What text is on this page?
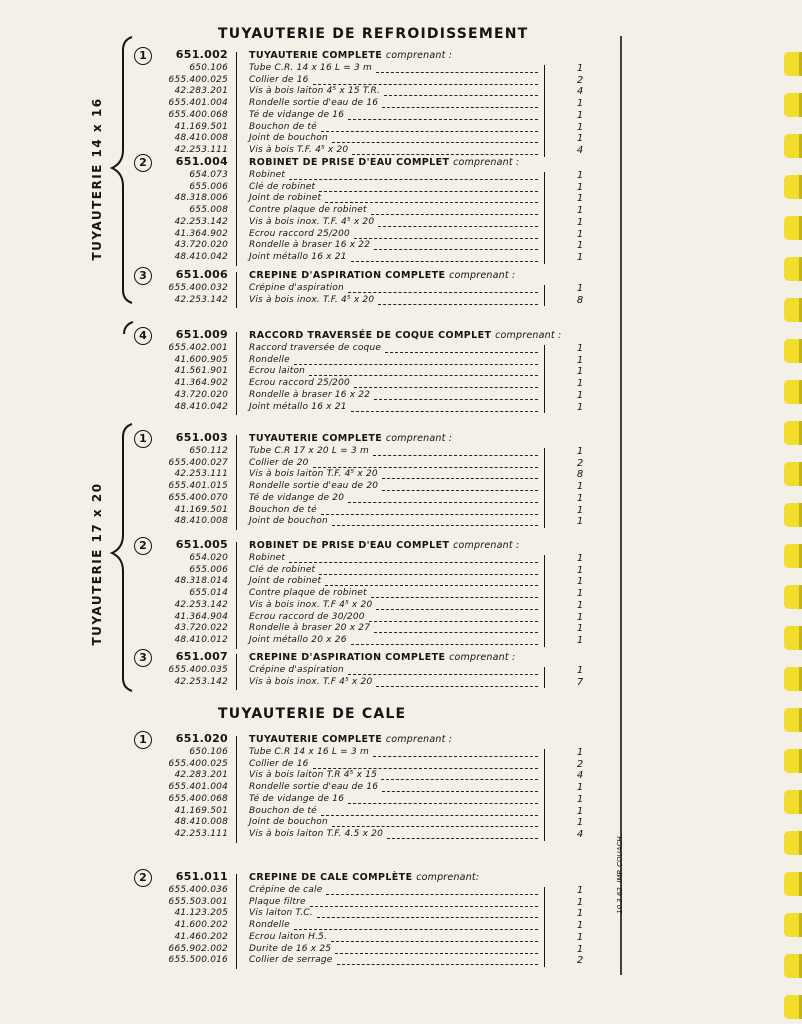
TUYAUTERIE DE REFROIDISSEMENT
TUYAUTERIE DE CALE
TUYAUTERIE 14 x 16
TUYAUTERIE 17 x 20
10.3.62. IMP. COUACH.
1	651.002 TUYAUTERIE COMPLETE comprenant :
650.106 Tube C.R. 14 x 16 L = 3 m	1
655.400.025 Collier de 16	2
42.283.201 Vis à bois laiton 4⁵ x 15 T.R.	4
655.401.004 Rondelle sortie d'eau de 16	1
655.400.068 Té de vidange de 16	1
41.169.501 Bouchon de té	1
48.410.008 Joint de bouchon	1
42.253.111 Vis à bois T.F. 4⁵ x 20	4
2	651.004 ROBINET DE PRISE D'EAU COMPLET comprenant :
654.073 Robinet	1
655.006 Clé de robinet	1
48.318.006 Joint de robinet	1
655.008 Contre plaque de robinet	1
42.253.142 Vis à bois inox. T.F. 4⁵ x 20	1
41.364.902 Ecrou raccord 25/200	1
43.720.020 Rondelle à braser 16 x 22	1
48.410.042 Joint métallo 16 x 21	1
3	651.006 CREPINE D'ASPIRATION COMPLETE comprenant :
655.400.032 Crépine d'aspiration	1
42.253.142 Vis à bois inox. T.F. 4⁵ x 20	8
4	651.009 RACCORD TRAVERSÉE DE COQUE COMPLET comprenant :
655.402.001 Raccord traversée de coque	1
41.600.905 Rondelle	1
41.561.901 Ecrou laiton	1
41.364.902 Ecrou raccord 25/200	1
43.720.020 Rondelle à braser 16 x 22	1
48.410.042 Joint métallo 16 x 21	1
1	651.003 TUYAUTERIE COMPLETE comprenant :
650.112 Tube C.R 17 x 20 L = 3 m	1
655.400.027 Collier de 20	2
42.253.111 Vis à bois laiton T.F. 4⁵ x 20	8
655.401.015 Rondelle sortie d'eau de 20	1
655.400.070 Té de vidange de 20	1
41.169.501 Bouchon de té	1
48.410.008 Joint de bouchon	1
2	651.005 ROBINET DE PRISE D'EAU COMPLET comprenant :
654.020 Robinet	1
655.006 Clé de robinet	1
48.318.014 Joint de robinet	1
655.014 Contre plaque de robinet	1
42.253.142 Vis à bois inox. T.F 4⁵ x 20	1
41.364.904 Ecrou raccord de 30/200	1
43.720.022 Rondelle à braser 20 x 27	1
48.410.012 Joint métallo 20 x 26	1
3	651.007 CREPINE D'ASPIRATION COMPLETE comprenant :
655.400.035 Crépine d'aspiration	1
42.253.142 Vis à bois inox. T.F 4⁵ x 20	7
1	651.020 TUYAUTERIE COMPLETE comprenant :
650.106 Tube C.R 14 x 16 L = 3 m	1
655.400.025 Collier de 16	2
42.283.201 Vis à bois laiton T.R 4⁵ x 15	4
655.401.004 Rondelle sortie d'eau de 16	1
655.400.068 Té de vidange de 16	1
41.169.501 Bouchon de té	1
48.410.008 Joint de bouchon	1
42.253.111 Vis à bois laiton T.F. 4.5 x 20	4
2	651.011 CREPINE DE CALE COMPLÈTE comprenant:
655.400.036 Crépine de cale	1
655.503.001 Plaque filtre	1
41.123.205 Vis laiton T.C.	1
41.600.202 Rondelle	1
41.460.202 Ecrou laiton H.5.	1
665.902.002 Durite de 16 x 25	1
655.500.016 Collier de serrage	2
